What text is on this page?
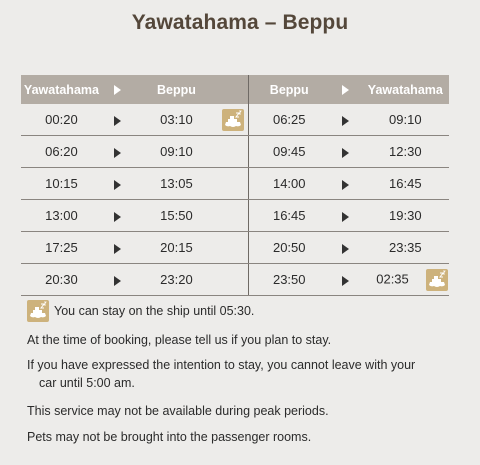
Yawatahama – Beppu
Yawatahama		Beppu		Beppu		Yawatahama
00:20		03:10		06:25		09:10
06:20		09:10		09:45		12:30
10:15		13:05		14:00		16:45
13:00		15:50		16:45		19:30
17:25		20:15		20:50		23:35
20:30		23:20		23:50		02:35
You can stay on the ship until 05:30.
At the time of booking, please tell us if you plan to stay.
If you have expressed the intention to stay, you cannot leave with your
car until 5:00 am.
This service may not be available during peak periods.
Pets may not be brought into the passenger rooms.
